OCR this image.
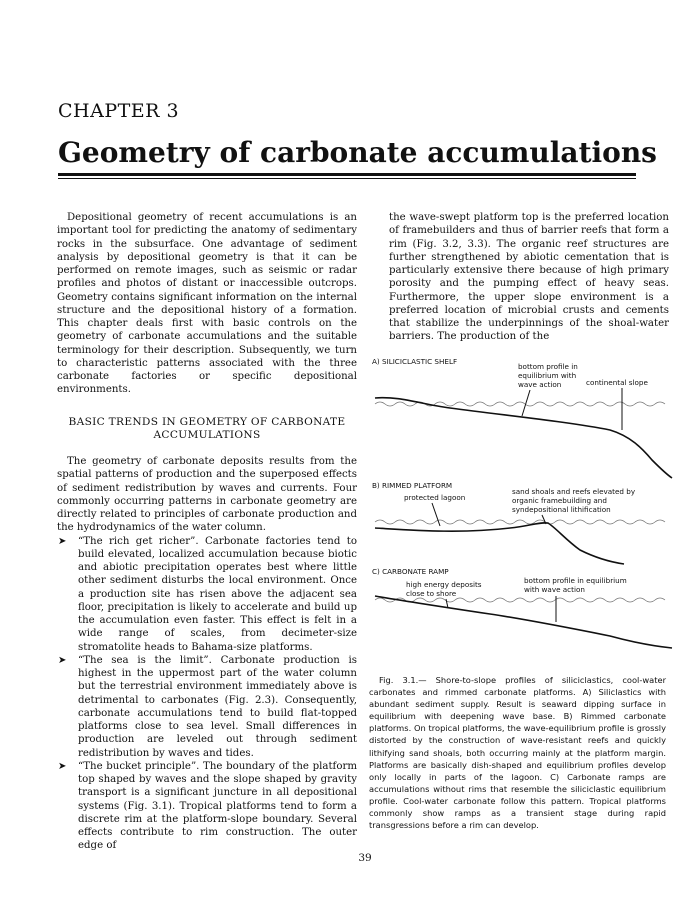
CHAPTER 3
Geometry of carbonate accumulations

Depositional geometry of recent accumulations is an important tool for predicting the anatomy of sedimentary rocks in the subsurface. One advantage of sediment analysis by depositional geometry is that it can be performed on remote images, such as seismic or radar profiles and photos of distant or inaccessible outcrops. Geometry contains significant information on the internal structure and the depositional history of a formation. This chapter deals first with basic controls on the geometry of carbonate accumulations and the suitable terminology for their description. Subsequently, we turn to characteristic patterns associated with the three carbonate factories or specific depositional environments.

BASIC TRENDS IN GEOMETRY OF CARBONATE ACCUMULATIONS

The geometry of carbonate deposits results from the spatial patterns of production and the superposed effects of sediment redistribution by waves and currents. Four commonly occurring patterns in carbonate geometry are directly related to principles of carbonate production and the hydrodynamics of the water column.

➤ “The rich get richer”. Carbonate factories tend to build elevated, localized accumulation because biotic and abiotic precipitation operates best where little other sediment disturbs the local environment. Once a production site has risen above the adjacent sea floor, precipitation is likely to accelerate and build up the accumulation even faster. This effect is felt in a wide range of scales, from decimeter-size stromatolite heads to Bahama-size platforms.
➤ “The sea is the limit”. Carbonate production is highest in the uppermost part of the water column but the terrestrial environment immediately above is detrimental to carbonates (Fig. 2.3). Consequently, carbonate accumulations tend to build flat-topped platforms close to sea level. Small differences in production are leveled out through sediment redistribution by waves and tides.
➤ “The bucket principle”. The boundary of the platform top shaped by waves and the slope shaped by gravity transport is a significant juncture in all depositional systems (Fig. 3.1). Tropical platforms tend to form a discrete rim at the platform-slope boundary. Several effects contribute to rim construction. The outer edge of

the wave-swept platform top is the preferred location of framebuilders and thus of barrier reefs that form a rim (Fig. 3.2, 3.3). The organic reef structures are further strengthened by abiotic cementation that is particularly extensive there because of high primary porosity and the pumping effect of heavy seas. Furthermore, the upper slope environment is a preferred location of microbial crusts and cements that stabilize the underpinnings of the shoal-water barriers. The production of the

A) SILICICLASTIC SHELF
bottom profile in
equilibrium with
wave action	continental slope
B) RIMMED PLATFORM
protected lagoon
sand shoals and reefs elevated by
organic framebuilding and
syndepositional lithification
C) CARBONATE RAMP
high energy deposits
close to shore
bottom profile in equilibrium
with wave action

Fig. 3.1.— Shore-to-slope profiles of siliciclastics, cool-water carbonates and rimmed carbonate platforms. A) Siliclastics with abundant sediment supply. Result is seaward dipping surface in equilibrium with deepening wave base. B) Rimmed carbonate platforms. On tropical platforms, the wave-equilibrium profile is grossly distorted by the construction of wave-resistant reefs and quickly lithifying sand shoals, both occurring mainly at the platform margin. Platforms are basically dish-shaped and equilibrium profiles develop only locally in parts of the lagoon. C) Carbonate ramps are accumulations without rims that resemble the siliciclastic equilibrium profile. Cool-water carbonate follow this pattern. Tropical platforms commonly show ramps as a transient stage during rapid transgressions before a rim can develop.

39
